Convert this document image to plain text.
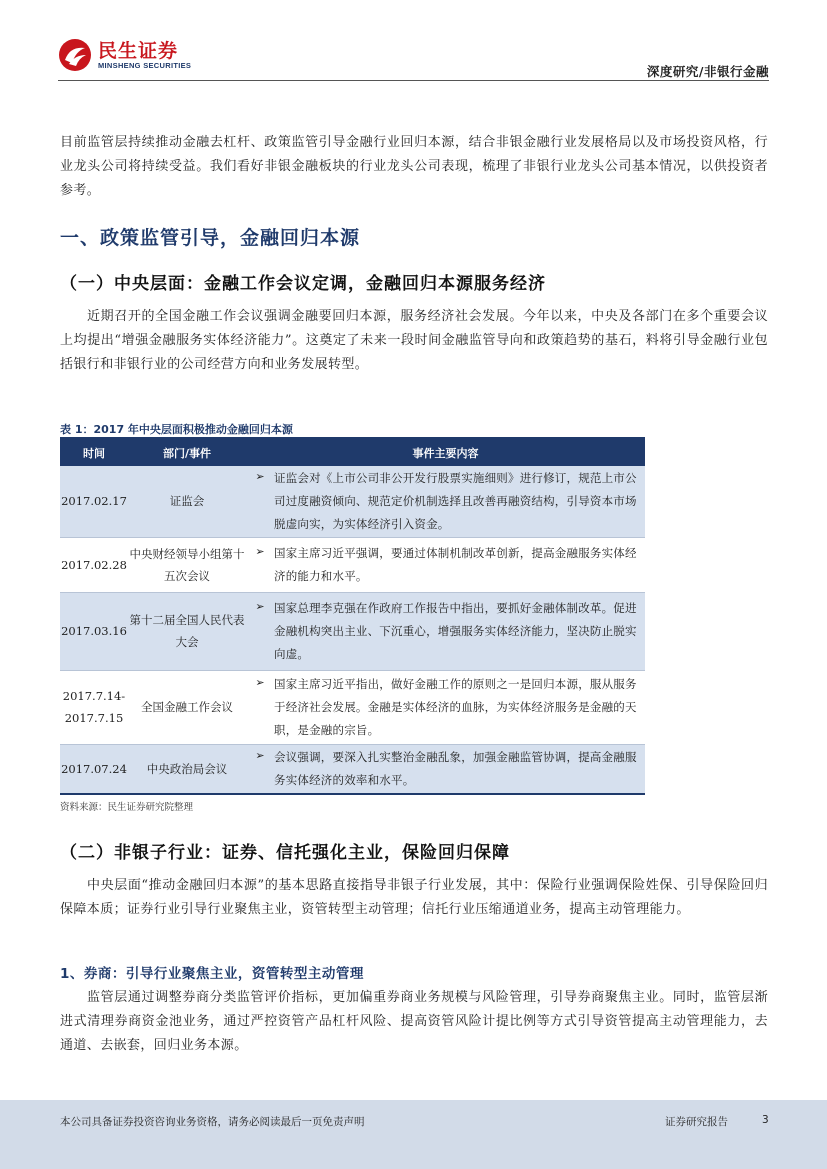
民生证券
MINSHENG SECURITIES	深度研究/非银行金融
目前监管层持续推动金融去杠杆、政策监管引导金融行业回归本源，结合非银金融行业发展格局以及市场投资风格，行业龙头公司将持续受益。我们看好非银金融板块的行业龙头公司表现，梳理了非银行业龙头公司基本情况，以供投资者参考。
一、政策监管引导，金融回归本源
（一）中央层面：金融工作会议定调，金融回归本源服务经济
近期召开的全国金融工作会议强调金融要回归本源，服务经济社会发展。今年以来，中央及各部门在多个重要会议上均提出“增强金融服务实体经济能力”。这奠定了未来一段时间金融监管导向和政策趋势的基石，料将引导金融行业包括银行和非银行业的公司经营方向和业务发展转型。
表 1：2017 年中央层面积极推动金融回归本源
时间	部门/事件	事件主要内容
2017.02.17	证监会	➢ 证监会对《上市公司非公开发行股票实施细则》进行修订，规范上市公司过度融资倾向、规范定价机制选择且改善再融资结构，引导资本市场脱虚向实，为实体经济引入资金。

2017.02.28	中央财经领导小组第十五次会议	➢ 国家主席习近平强调，要通过体制机制改革创新，提高金融服务实体经济的能力和水平。

2017.03.16	第十二届全国人民代表大会	➢ 国家总理李克强在作政府工作报告中指出，要抓好金融体制改革。促进金融机构突出主业、下沉重心，增强服务实体经济能力，坚决防止脱实向虚。

2017.7.14-2017.7.15	全国金融工作会议	➢ 国家主席习近平指出，做好金融工作的原则之一是回归本源，服从服务于经济社会发展。金融是实体经济的血脉，为实体经济服务是金融的天职，是金融的宗旨。

2017.07.24	中央政治局会议	➢ 会议强调，要深入扎实整治金融乱象，加强金融监管协调，提高金融服务实体经济的效率和水平。
资料来源：民生证券研究院整理
（二）非银子行业：证券、信托强化主业，保险回归保障
中央层面“推动金融回归本源”的基本思路直接指导非银子行业发展，其中：保险行业强调保险姓保、引导保险回归保障本质；证券行业引导行业聚焦主业，资管转型主动管理；信托行业压缩通道业务，提高主动管理能力。
1、券商：引导行业聚焦主业，资管转型主动管理
监管层通过调整券商分类监管评价指标，更加偏重券商业务规模与风险管理，引导券商聚焦主业。同时，监管层渐进式清理券商资金池业务，通过严控资管产品杠杆风险、提高资管风险计提比例等方式引导资管提高主动管理能力，去通道、去嵌套，回归业务本源。
本公司具备证券投资咨询业务资格，请务必阅读最后一页免责声明	证券研究报告	3
